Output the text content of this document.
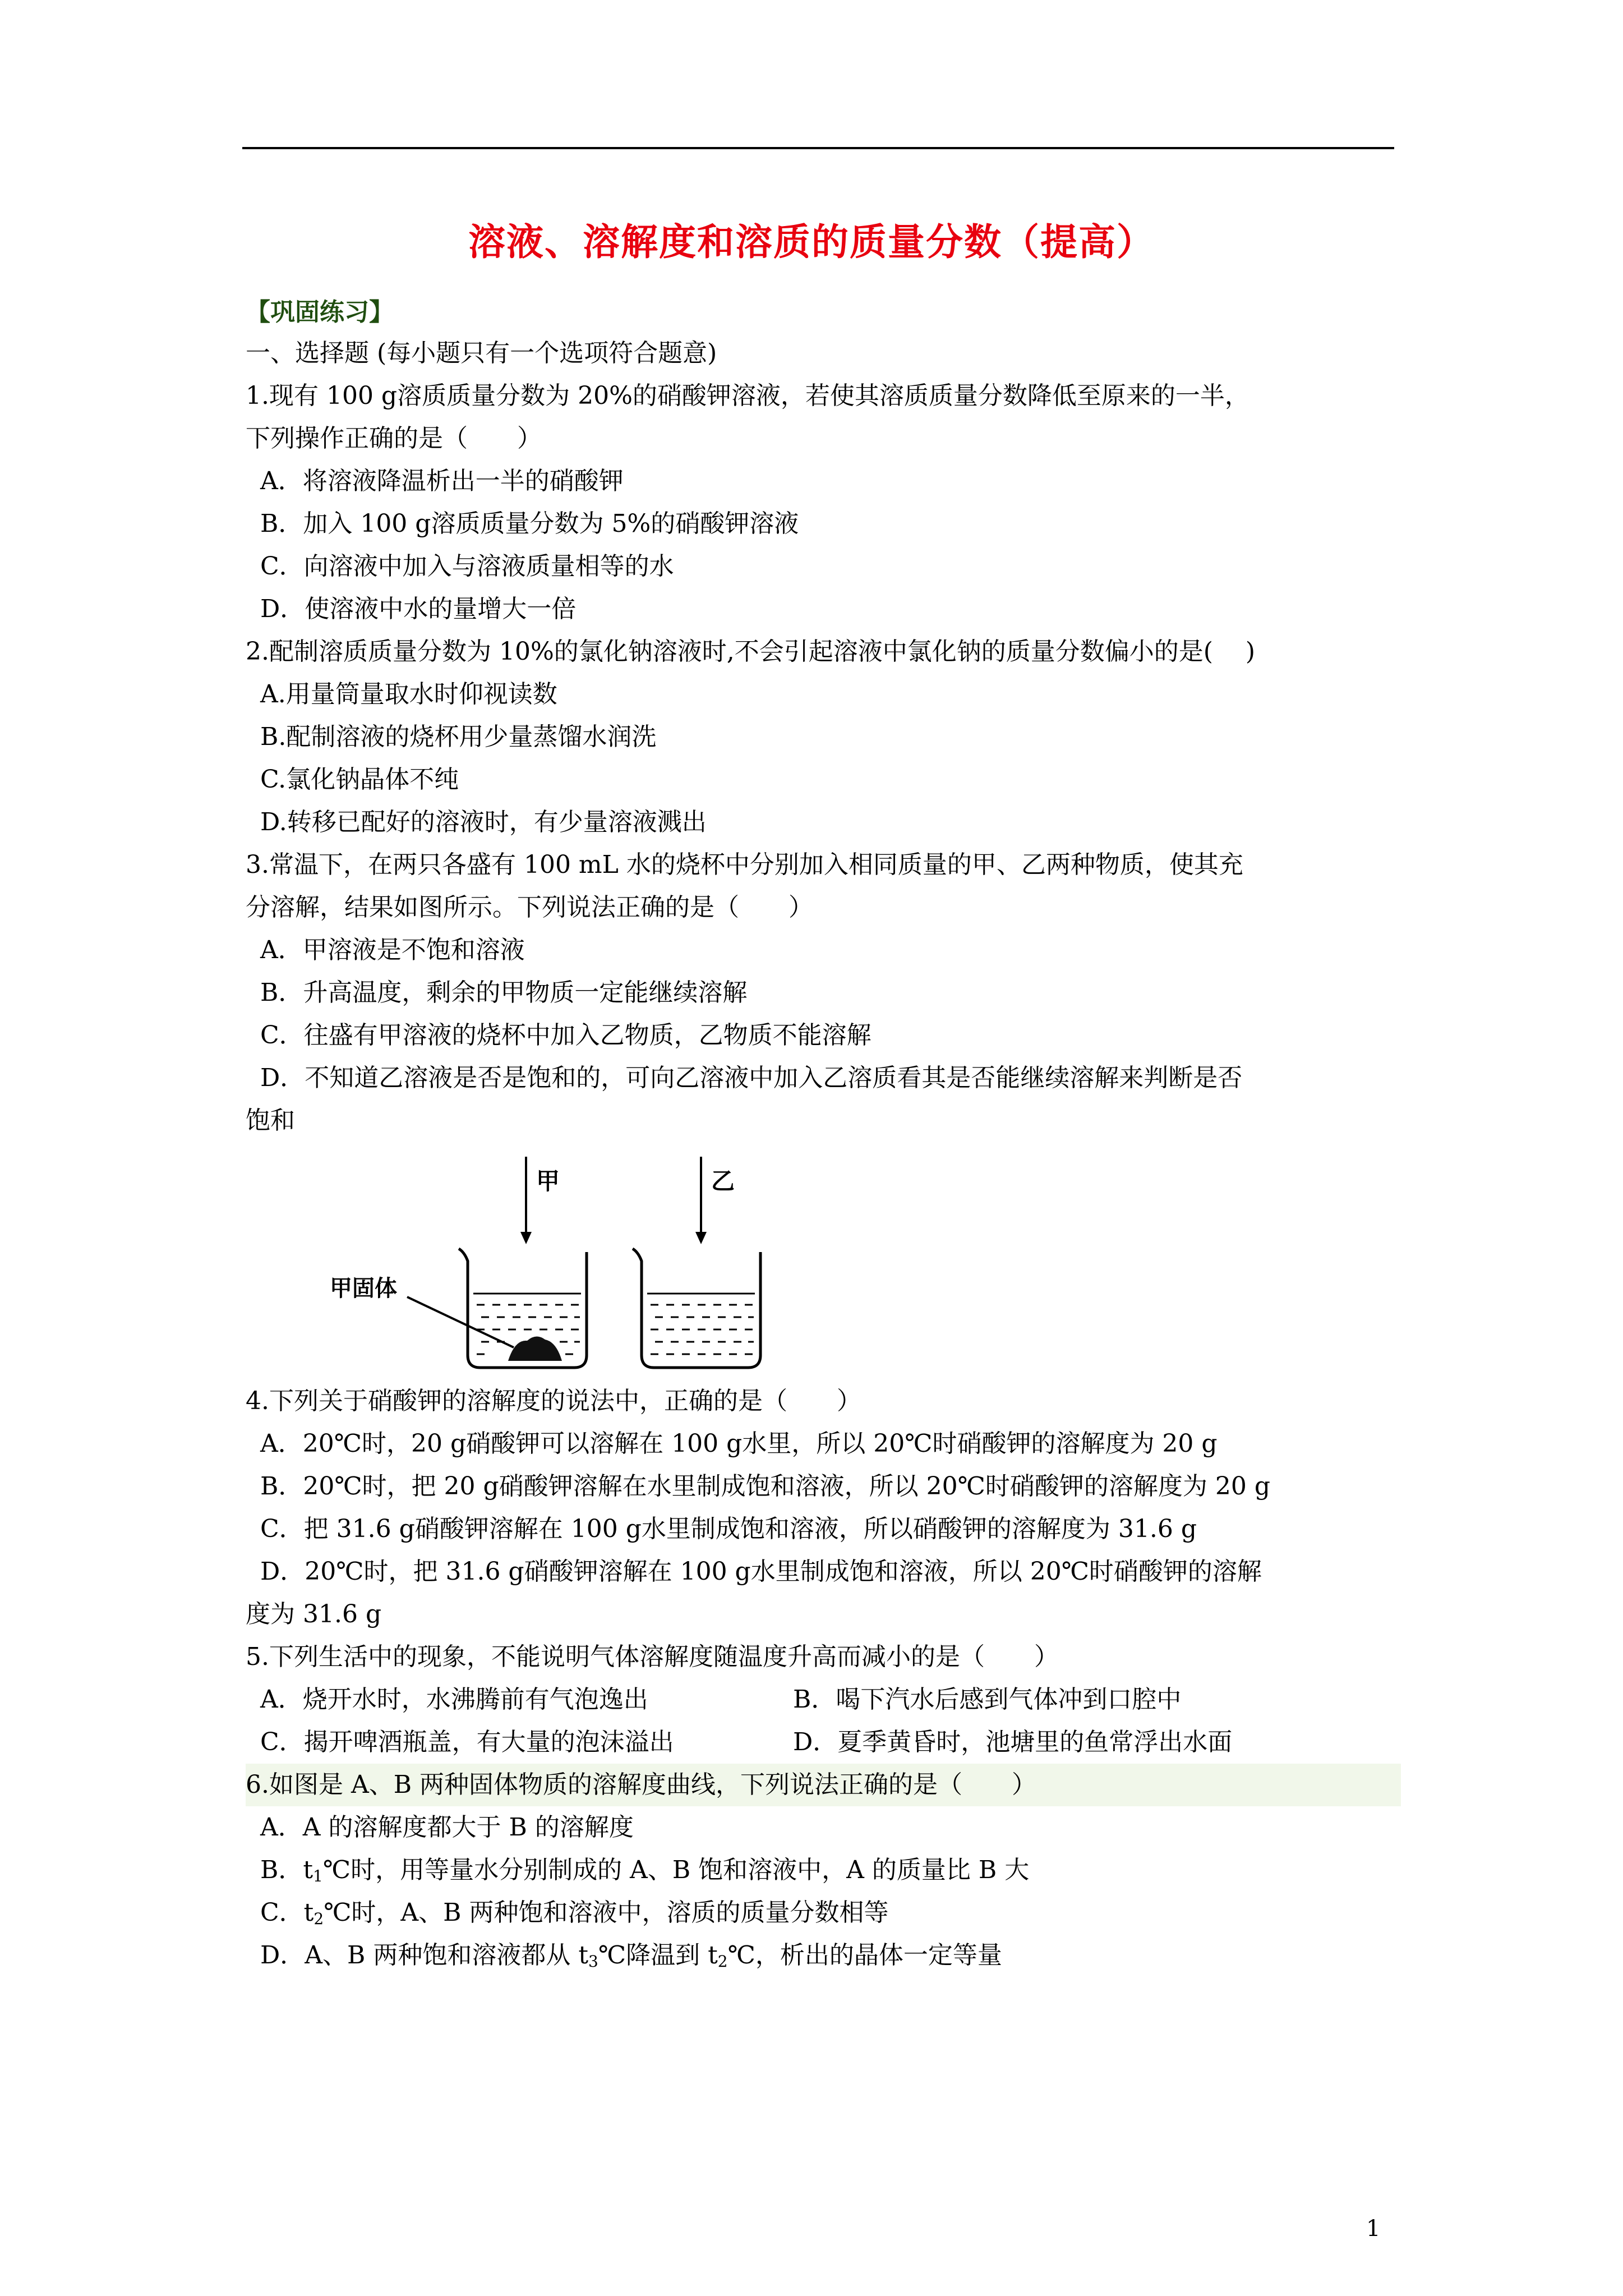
溶液、溶解度和溶质的质量分数（提高）
【巩固练习】
一、选择题 (每小题只有一个选项符合题意)
1.现有 100 g溶质质量分数为 20%的硝酸钾溶液，若使其溶质质量分数降低至原来的一半，
下列操作正确的是（　　）
A．将溶液降温析出一半的硝酸钾
B．加入 100 g溶质质量分数为 5%的硝酸钾溶液
C．向溶液中加入与溶液质量相等的水
D．使溶液中水的量增大一倍
2.配制溶质质量分数为 10%的氯化钠溶液时,不会引起溶液中氯化钠的质量分数偏小的是(　 )
A.用量筒量取水时仰视读数
B.配制溶液的烧杯用少量蒸馏水润洗
C.氯化钠晶体不纯
D.转移已配好的溶液时，有少量溶液溅出
3.常温下，在两只各盛有 100 mL 水的烧杯中分别加入相同质量的甲、乙两种物质，使其充
分溶解，结果如图所示。下列说法正确的是（　　）
A．甲溶液是不饱和溶液
B．升高温度，剩余的甲物质一定能继续溶解
C．往盛有甲溶液的烧杯中加入乙物质，乙物质不能溶解
D．不知道乙溶液是否是饱和的，可向乙溶液中加入乙溶质看其是否能继续溶解来判断是否
饱和
甲	乙
甲固体
4.下列关于硝酸钾的溶解度的说法中，正确的是（　　）
A．20℃时，20 g硝酸钾可以溶解在 100 g水里，所以 20℃时硝酸钾的溶解度为 20 g
B．20℃时，把 20 g硝酸钾溶解在水里制成饱和溶液，所以 20℃时硝酸钾的溶解度为 20 g
C．把 31.6 g硝酸钾溶解在 100 g水里制成饱和溶液，所以硝酸钾的溶解度为 31.6 g
D．20℃时，把 31.6 g硝酸钾溶解在 100 g水里制成饱和溶液，所以 20℃时硝酸钾的溶解
度为 31.6 g
5.下列生活中的现象，不能说明气体溶解度随温度升高而减小的是（　　）
A．烧开水时，水沸腾前有气泡逸出	B．喝下汽水后感到气体冲到口腔中
C．揭开啤酒瓶盖，有大量的泡沫溢出	D．夏季黄昏时，池塘里的鱼常浮出水面
6.如图是 A、B 两种固体物质的溶解度曲线，下列说法正确的是（　　）
A．A 的溶解度都大于 B 的溶解度
B．$t_1℃$时，用等量水分别制成的 A、B 饱和溶液中，A 的质量比 B 大
C．$t_2℃$时，A、B 两种饱和溶液中，溶质的质量分数相等
D．A、B 两种饱和溶液都从 $t_3℃$降温到 $t_2℃$，析出的晶体一定等量
1
